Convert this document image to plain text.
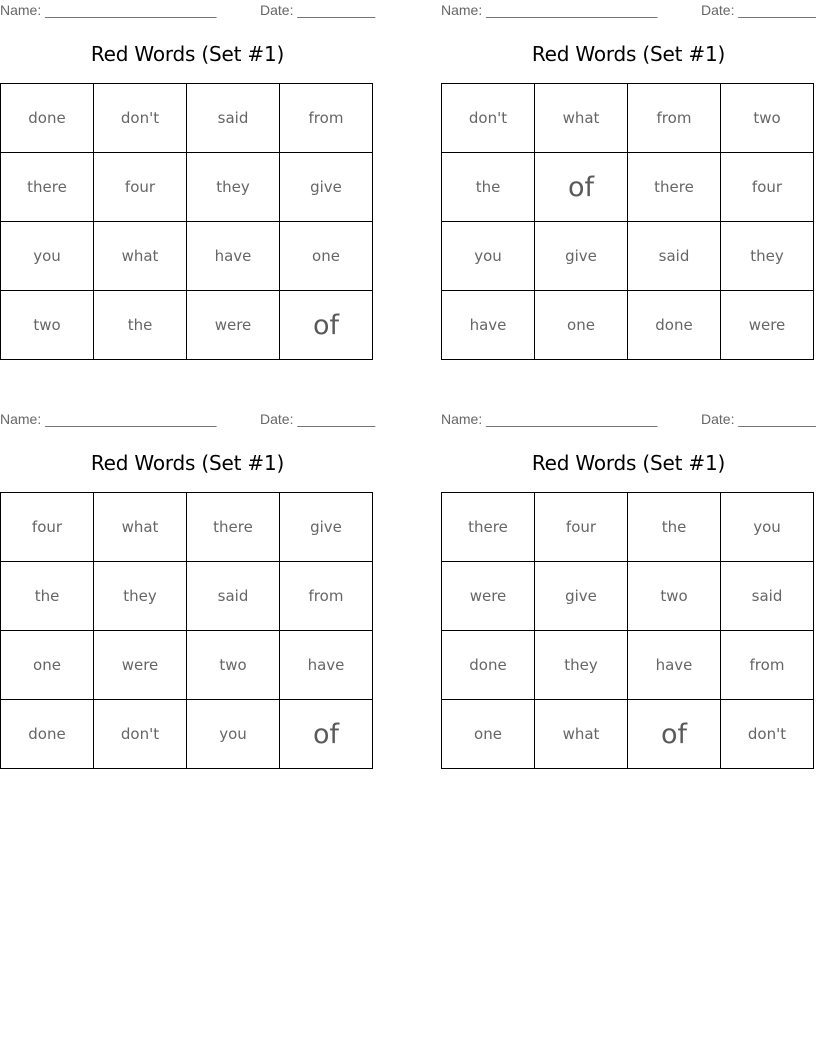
Name: ______________________	Date: __________
Red Words (Set #1)
done	don't	said	from
there	four	they	give
you	what	have	one
two	the	were	of
Name: ______________________	Date: __________
Red Words (Set #1)
don't	what	from	two
the	of	there	four
you	give	said	they
have	one	done	were
Name: ______________________	Date: __________
Red Words (Set #1)
four	what	there	give
the	they	said	from
one	were	two	have
done	don't	you	of
Name: ______________________	Date: __________
Red Words (Set #1)
there	four	the	you
were	give	two	said
done	they	have	from
one	what	of	don't
